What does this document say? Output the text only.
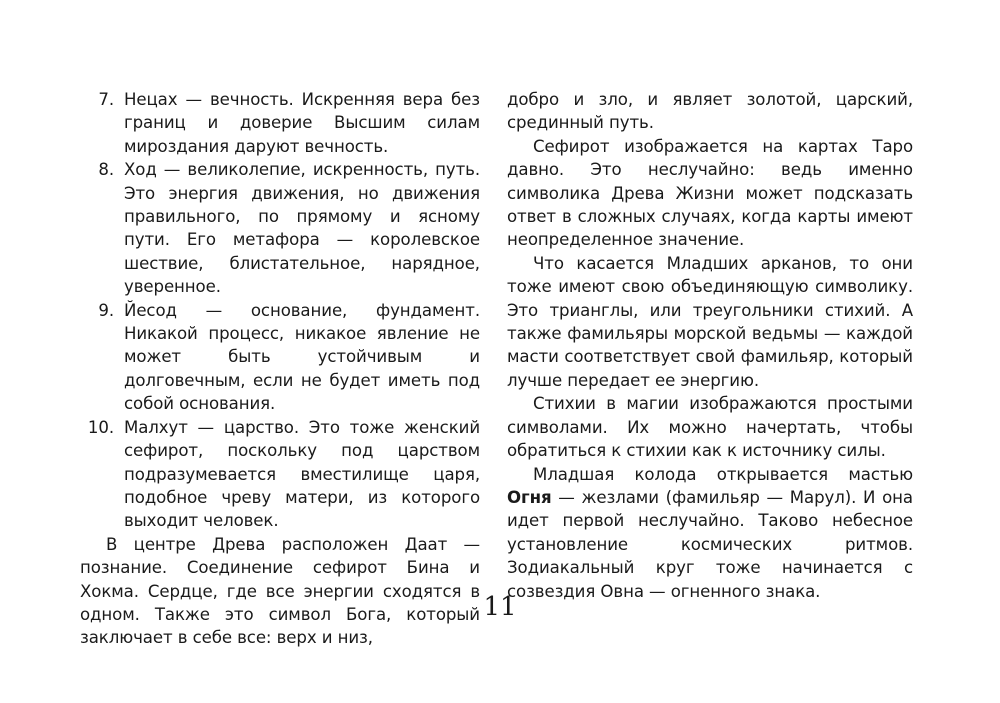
7. Нецах — вечность. Искренняя вера без границ и доверие Высшим силам мироздания даруют вечность.
8. Ход — великолепие, искренность, путь. Это энергия движения, но движения правильного, по прямому и ясному пути. Его метафора — королевское шествие, блистательное, нарядное, уверенное.
9. Йесод — основание, фундамент. Никакой процесс, никакое явление не может быть устойчивым и долговечным, если не будет иметь под собой основания.
10. Малхут — царство. Это тоже женский сефирот, поскольку под царством подразумевается вместилище царя, подобное чреву матери, из которого выходит человек.

В центре Древа расположен Даат — познание. Соединение сефирот Бина и Хокма. Сердце, где все энергии сходятся в одном. Также это символ Бога, который заключает в себе все: верх и низ,

добро и зло, и являет золотой, царский, срединный путь.

Сефирот изображается на картах Таро давно. Это неслучайно: ведь именно символика Древа Жизни может подсказать ответ в сложных случаях, когда карты имеют неопределенное значение.

Что касается Младших арканов, то они тоже имеют свою объединяющую символику. Это трианглы, или треугольники стихий. А также фамильяры морской ведьмы — каждой масти соответствует свой фамильяр, который лучше передает ее энергию.

Стихии в магии изображаются простыми символами. Их можно начертать, чтобы обратиться к стихии как к источнику силы.

Младшая колода открывается мастью Огня — жезлами (фамильяр — Марул). И она идет первой неслучайно. Таково небесное установление космических ритмов. Зодиакальный круг тоже начинается с созвездия Овна — огненного знака.

11
